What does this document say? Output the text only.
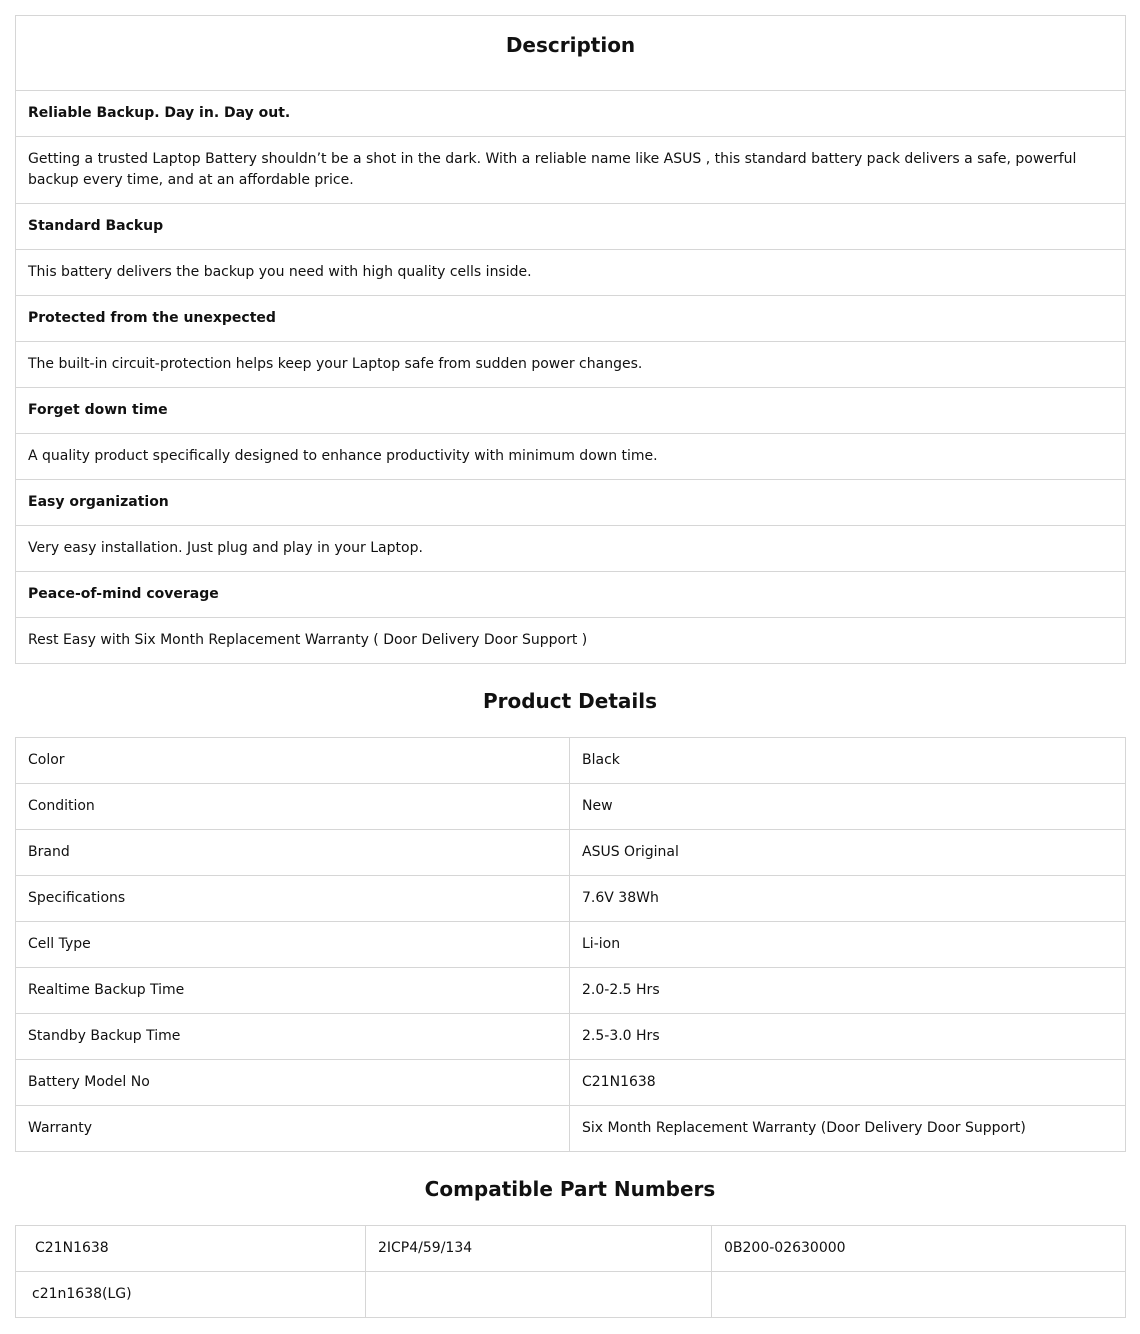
Description
Reliable Backup. Day in. Day out.
Getting a trusted Laptop Battery shouldn’t be a shot in the dark. With a reliable name like ASUS , this standard battery pack delivers a safe, powerful backup every time, and at an affordable price.
Standard Backup
This battery delivers the backup you need with high quality cells inside.
Protected from the unexpected
The built-in circuit-protection helps keep your Laptop safe from sudden power changes.
Forget down time
A quality product specifically designed to enhance productivity with minimum down time.
Easy organization
Very easy installation. Just plug and play in your Laptop.
Peace-of-mind coverage
Rest Easy with Six Month Replacement Warranty ( Door Delivery Door Support )
Product Details
Color	Black
Condition	New
Brand	ASUS Original
Specifications	7.6V 38Wh
Cell Type	Li-ion
Realtime Backup Time	2.0-2.5 Hrs
Standby Backup Time	2.5-3.0 Hrs
Battery Model No	C21N1638
Warranty	Six Month Replacement Warranty (Door Delivery Door Support)
Compatible Part Numbers
C21N1638	2ICP4/59/134	0B200-02630000
c21n1638(LG)		
